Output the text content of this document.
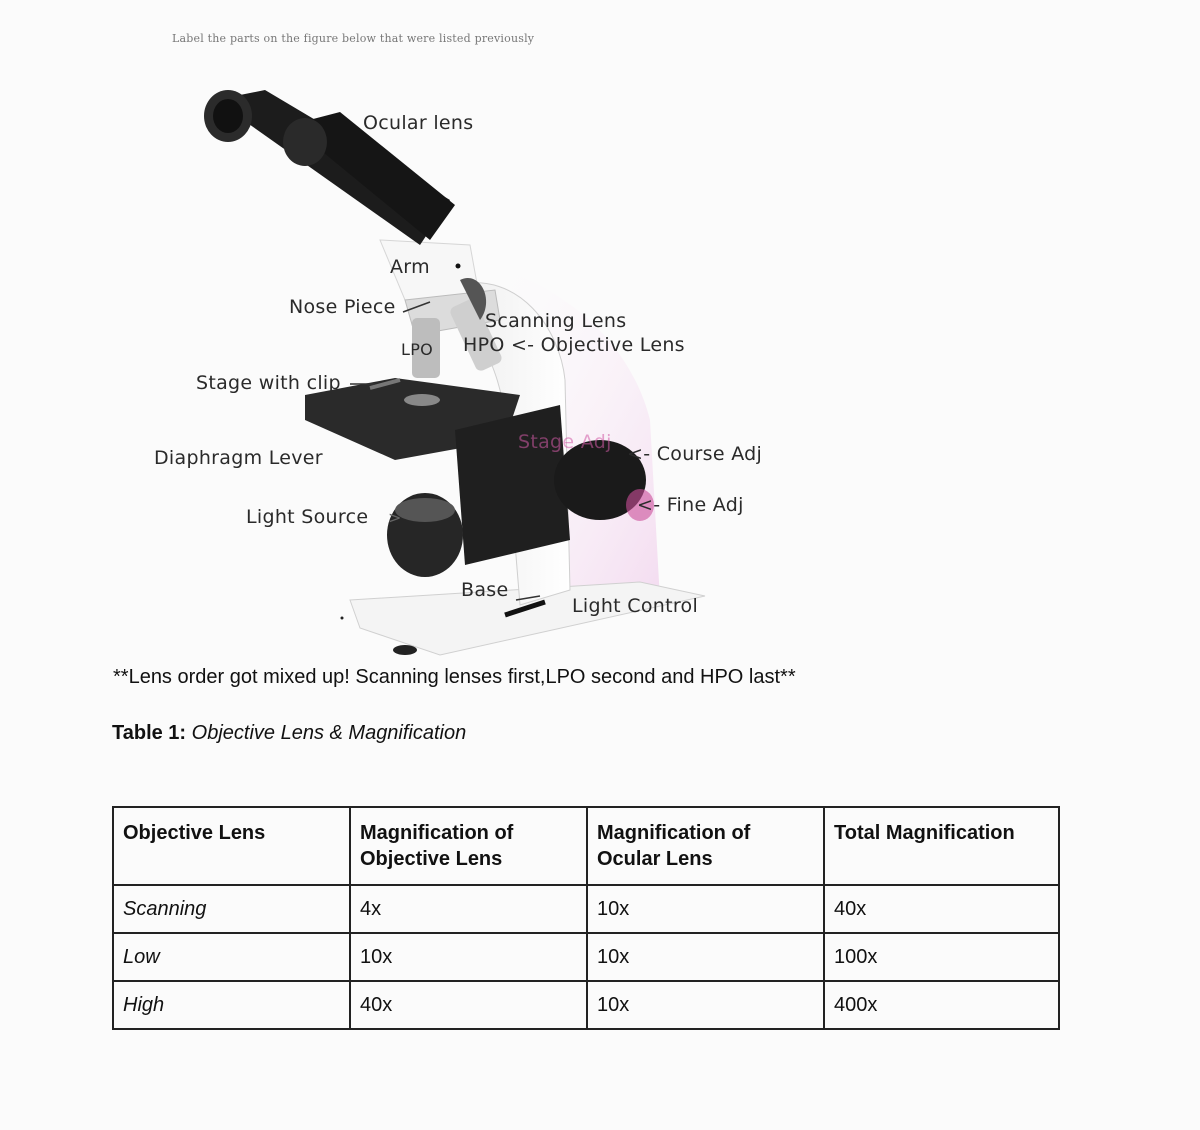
Label the parts on the figure below that were listed previously
Ocular lens
Arm
Nose Piece
Scanning Lens
LPO HPO <- Objective Lens
Stage with clip
Stage Adj
<- Course Adj
Diaphragm Lever
<- Fine Adj
Light Source >
Base
Light Control
**Lens order got mixed up! Scanning lenses first,LPO second and HPO last**
Table 1: Objective Lens & Magnification
Objective Lens	Magnification of Objective Lens	Magnification of Ocular Lens	Total Magnification
Scanning	4x	10x	40x
Low	10x	10x	100x
High	40x	10x	400x
